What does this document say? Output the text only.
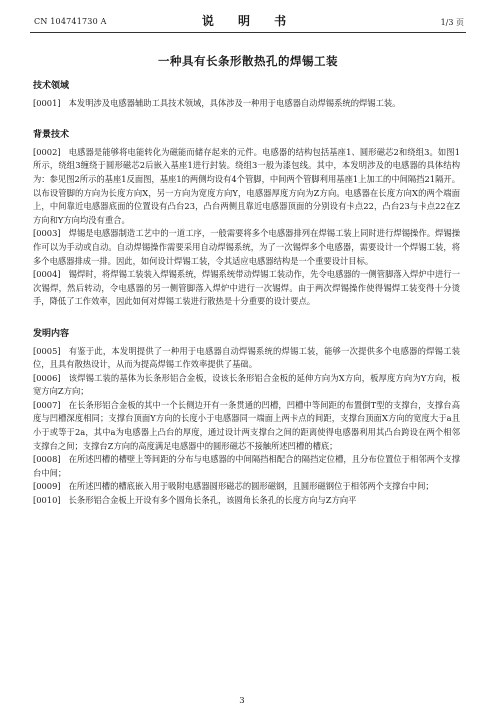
CN 104741730 A	说 明 书	1/3 页
一种具有长条形散热孔的焊锡工装
技术领域

[0001] 本发明涉及电感器辅助工具技术领域，具体涉及一种用于电感器自动焊锡系统的焊锡工装。

背景技术

[0002] 电感器是能够将电能转化为磁能而储存起来的元件。电感器的结构包括基座1、圆形磁芯2和绕组3。如图1所示，绕组3缠绕于圆形磁芯2后嵌入基座1进行封装。绕组3一般为漆包线。其中，本发明涉及的电感器的具体结构为：参见图2所示的基座1反面图，基座1的两侧均设有4个管脚，中间两个管脚利用基座1上加工的中间隔挡21隔开。以布设管脚的方向为长度方向X，另一方向为宽度方向Y，电感器厚度方向为Z方向。电感器在长度方向X的两个端面上，中间靠近电感器底面的位置设有凸台23，凸台两侧且靠近电感器顶面的分别设有卡点22，凸台23与卡点22在Z方向和Y方向均没有重合。

[0003] 焊锡是电感器制造工艺中的一道工序，一般需要将多个电感器排列在焊锡工装上同时进行焊锡操作。焊锡操作可以为手动或自动。自动焊锡操作需要采用自动焊锡系统，为了一次锡焊多个电感器，需要设计一个焊锡工装，将多个电感器排成一排。因此，如何设计焊锡工装，令其适应电感器结构是一个重要设计目标。

[0004] 锡焊时，将焊锡工装装入焊锡系统，焊锡系统带动焊锡工装动作，先令电感器的一侧管脚落入焊炉中进行一次锡焊，然后转动，令电感器的另一侧管脚落入焊炉中进行一次锡焊。由于两次焊锡操作使得锡焊工装变得十分烫手，降低了工作效率，因此如何对焊锡工装进行散热是十分重要的设计要点。

发明内容

[0005] 有鉴于此，本发明提供了一种用于电感器自动焊锡系统的焊锡工装，能够一次提供多个电感器的焊锡工装位，且具有散热设计，从而为提高焊锡工作效率提供了基础。

[0006] 该焊锡工装的基体为长条形铝合金板，设该长条形铝合金板的延伸方向为X方向，板厚度方向为Y方向，板宽方向Z方向；

[0007] 在长条形铝合金板的其中一个长侧边开有一条贯通的凹槽，凹槽中等间距的布置倒T型的支撑台，支撑台高度与凹槽深度相同；支撑台顶面Y方向的长度小于电感器同一端面上两卡点的间距，支撑台顶面X方向的宽度大于a且小于或等于2a，其中a为电感器上凸台的厚度，通过设计两支撑台之间的距离使得电感器利用其凸台跨设在两个相邻支撑台之间；支撑台Z方向的高度满足电感器中的圆形磁芯不接触所述凹槽的槽底；

[0008] 在所述凹槽的槽壁上等间距的分布与电感器的中间隔挡相配合的隔挡定位槽，且分布位置位于相邻两个支撑台中间；

[0009] 在所述凹槽的槽底嵌入用于吸附电感器圆形磁芯的圆形磁钢，且圆形磁钢位于相邻两个支撑台中间；

[0010] 长条形铝合金板上开设有多个圆角长条孔，该圆角长条孔的长度方向与Z方向平

3
